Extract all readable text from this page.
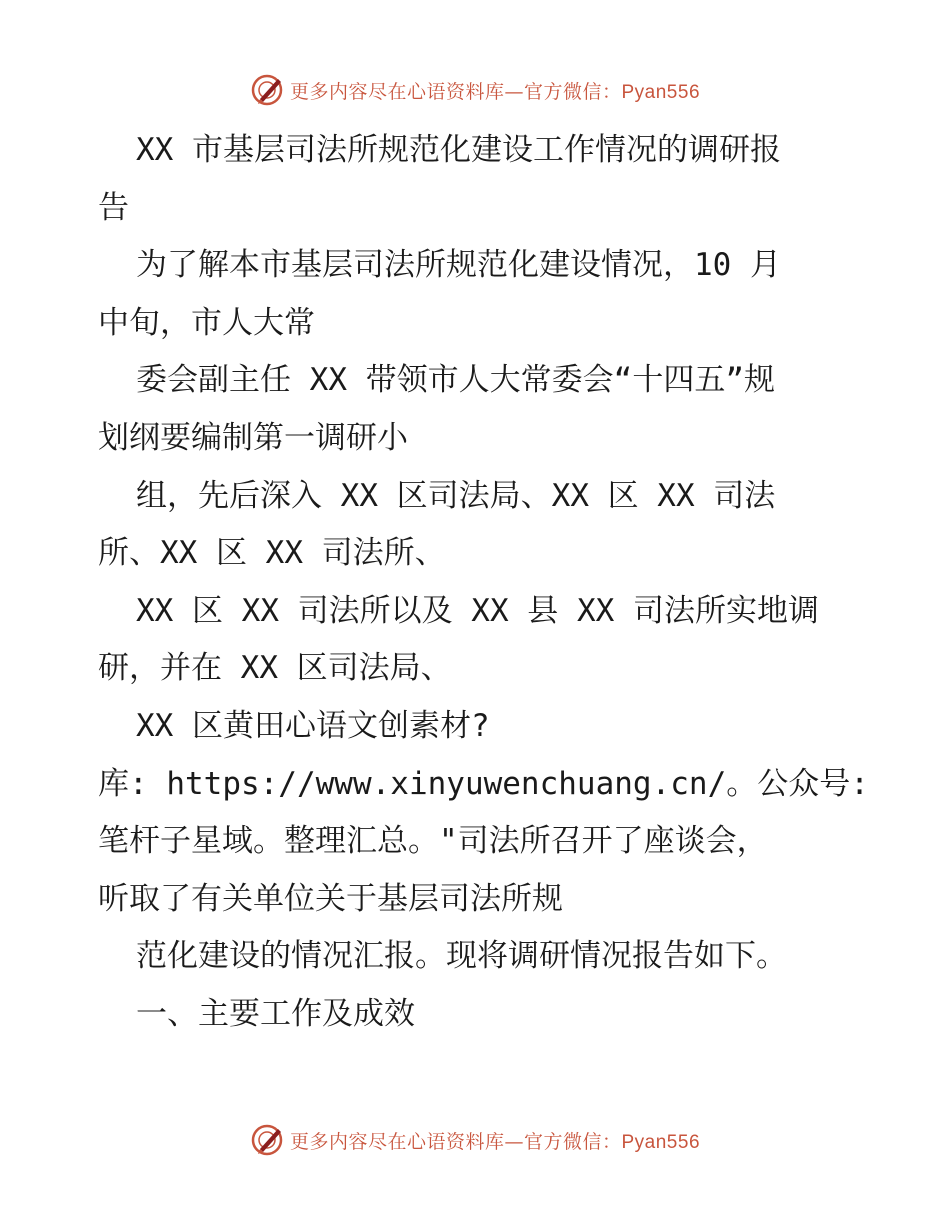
更多内容尽在心语资料库—官方微信：Pyan556
XX 市基层司法所规范化建设工作情况的调研报
告
为了解本市基层司法所规范化建设情况，10 月
中旬，市人大常
委会副主任 XX 带领市人大常委会“十四五”规
划纲要编制第一调研小
组，先后深入 XX 区司法局、XX 区 XX 司法
所、XX 区 XX 司法所、
XX 区 XX 司法所以及 XX 县 XX 司法所实地调
研，并在 XX 区司法局、
XX 区黄田心语文创素材?
库: https://www.xinyuwenchuang.cn/。公众号:
笔杆子星域。整理汇总。"司法所召开了座谈会，
听取了有关单位关于基层司法所规
范化建设的情况汇报。现将调研情况报告如下。
一、主要工作及成效
更多内容尽在心语资料库—官方微信：Pyan556
